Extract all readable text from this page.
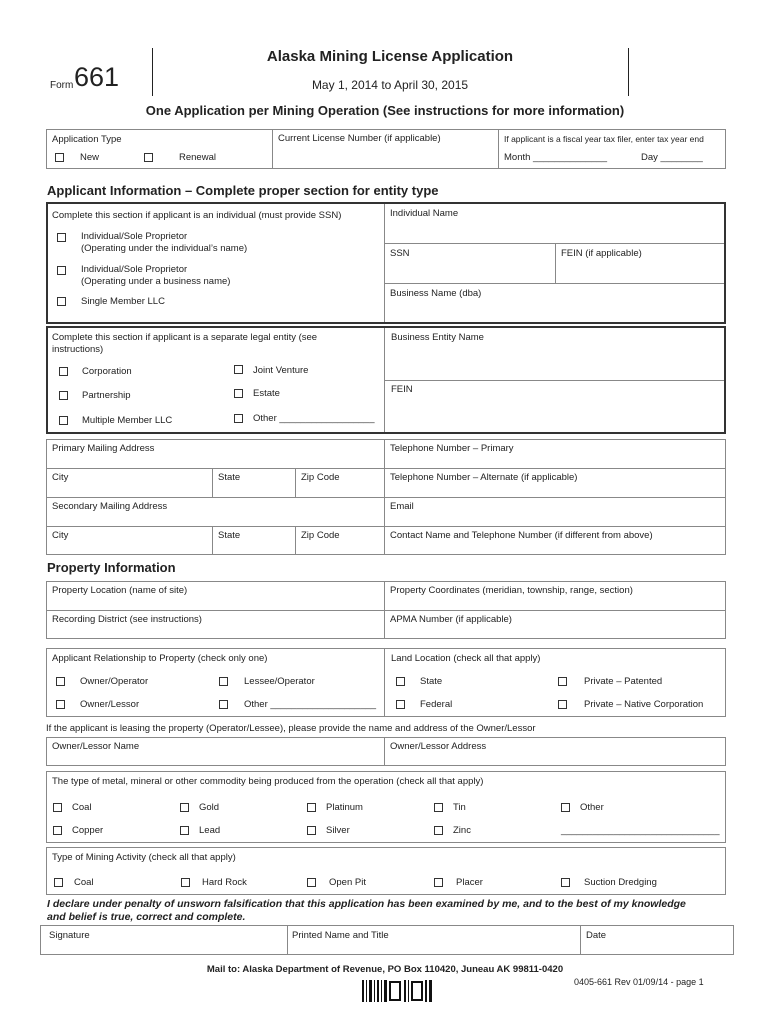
Form 661
Alaska Mining License Application
May 1, 2014 to April 30, 2015
One Application per Mining Operation (See instructions for more information)
Application Type
New	Renewal
Current License Number (if applicable)	If applicant is a fiscal year tax filer, enter tax year end
Month ______________	Day ________
Applicant Information – Complete proper section for entity type
Complete this section if applicant is an individual (must provide SSN)
Individual/Sole Proprietor
(Operating under the individual’s name)
Individual/Sole Proprietor
(Operating under a business name)
Single Member LLC
Individual Name
SSN	FEIN (if applicable)
Business Name (dba)
Complete this section if applicant is a separate legal entity (see
instructions)
Corporation	Joint Venture
Partnership	Estate
Multiple Member LLC	Other __________________
Business Entity Name
FEIN
Primary Mailing Address	Telephone Number – Primary
City	State	Zip Code	Telephone Number – Alternate (if applicable)
Secondary Mailing Address	Email
City	State	Zip Code	Contact Name and Telephone Number (if different from above)
Property Information
Property Location (name of site)	Property Coordinates (meridian, township, range, section)
Recording District (see instructions)	APMA Number (if applicable)
Applicant Relationship to Property (check only one)	Land Location (check all that apply)
Owner/Operator	Lessee/Operator	State	Private – Patented
Owner/Lessor	Other ____________________	Federal	Private – Native Corporation
If the applicant is leasing the property (Operator/Lessee), please provide the name and address of the Owner/Lessor
Owner/Lessor Name	Owner/Lessor Address
The type of metal, mineral or other commodity being produced from the operation (check all that apply)
Coal	Gold	Platinum	Tin	Other
Copper	Lead	Silver	Zinc	______________________________
Type of Mining Activity (check all that apply)
Coal	Hard Rock	Open Pit	Placer	Suction Dredging
I declare under penalty of unsworn falsification that this application has been examined by me, and to the best of my knowledge
and belief is true, correct and complete.
Signature	Printed Name and Title	Date
Mail to: Alaska Department of Revenue, PO Box 110420, Juneau AK 99811-0420
0405-661 Rev 01/09/14 - page 1
